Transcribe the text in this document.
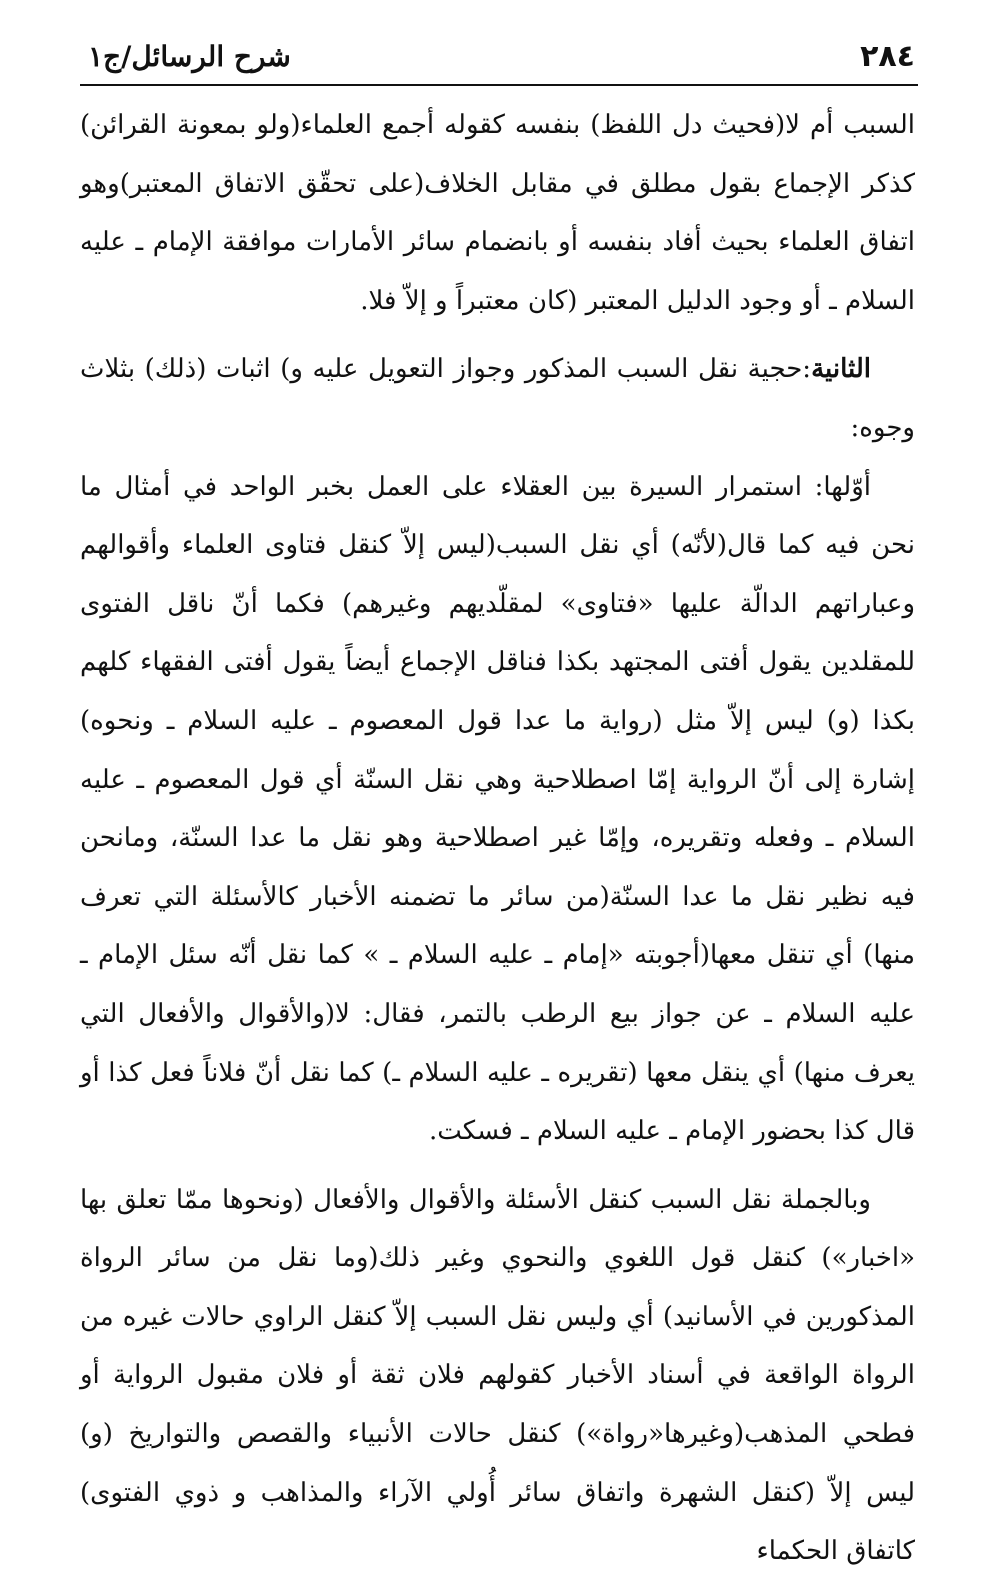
٢٨٤
شرح الرسائل/ج١

السبب أم لا(فحيث دل اللفظ) بنفسه كقوله أجمع العلماء(ولو بمعونة القرائن) كذكر الإجماع بقول مطلق في مقابل الخلاف(على تحقّق الاتفاق المعتبر)وهو اتفاق العلماء بحيث أفاد بنفسه أو بانضمام سائر الأمارات موافقة الإمام ـ عليه السلام ـ أو وجود الدليل المعتبر (كان معتبراً و إلاّ فلا.

الثانية:حجية نقل السبب المذكور وجواز التعويل عليه و) اثبات (ذلك) بثلاث وجوه:

أوّلها: استمرار السيرة بين العقلاء على العمل بخبر الواحد في أمثال ما نحن فيه كما قال(لأنّه) أي نقل السبب(ليس إلاّ كنقل فتاوى العلماء وأقوالهم وعباراتهم الدالّة عليها «فتاوى» لمقلّديهم وغيرهم) فكما أنّ ناقل الفتوى للمقلدين يقول أفتى المجتهد بكذا فناقل الإجماع أيضاً يقول أفتى الفقهاء كلهم بكذا (و) ليس إلاّ مثل (رواية ما عدا قول المعصوم ـ عليه السلام ـ ونحوه) إشارة إلى أنّ الرواية إمّا اصطلاحية وهي نقل السنّة أي قول المعصوم ـ عليه السلام ـ وفعله وتقريره، وإمّا غير اصطلاحية وهو نقل ما عدا السنّة، ومانحن فيه نظير نقل ما عدا السنّة(من سائر ما تضمنه الأخبار كالأسئلة التي تعرف منها) أي تنقل معها(أجوبته «إمام ـ عليه السلام ـ » كما نقل أنّه سئل الإمام ـ عليه السلام ـ عن جواز بيع الرطب بالتمر، فقال: لا(والأقوال والأفعال التي يعرف منها) أي ينقل معها (تقريره ـ عليه السلام ـ) كما نقل أنّ فلاناً فعل كذا أو قال كذا بحضور الإمام ـ عليه السلام ـ فسكت.

وبالجملة نقل السبب كنقل الأسئلة والأقوال والأفعال (ونحوها ممّا تعلق بها «اخبار») كنقل قول اللغوي والنحوي وغير ذلك(وما نقل من سائر الرواة المذكورين في الأسانيد) أي وليس نقل السبب إلاّ كنقل الراوي حالات غيره من الرواة الواقعة في أسناد الأخبار كقولهم فلان ثقة أو فلان مقبول الرواية أو فطحي المذهب(وغيرها«رواة») كنقل حالات الأنبياء والقصص والتواريخ (و) ليس إلاّ (كنقل الشهرة واتفاق سائر أُولي الآراء والمذاهب و ذوي الفتوى) كاتفاق الحكماء
